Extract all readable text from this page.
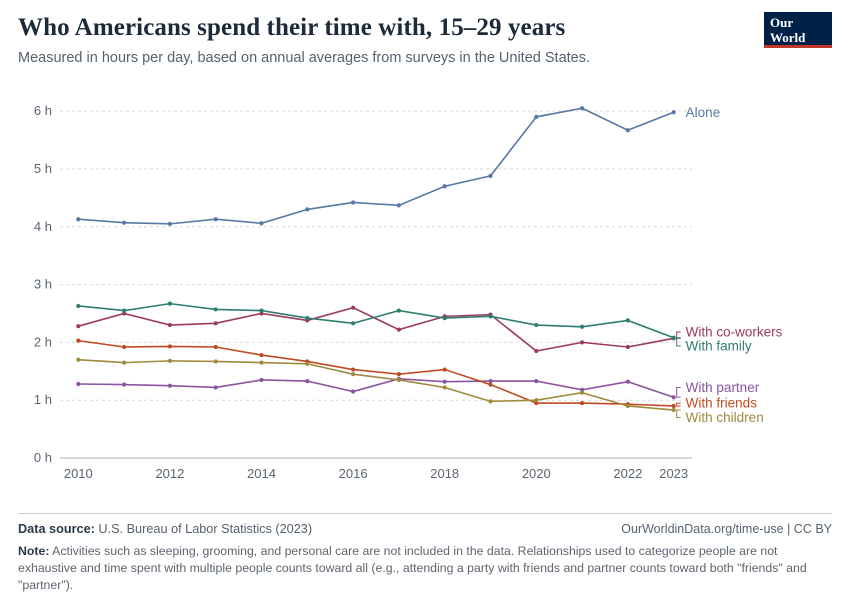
Who Americans spend their time with, 15–29 years

Measured in hours per day, based on annual averages from surveys in the United States.

Our World
in Data
0 h
1 h
2 h
3 h
4 h
5 h
6 h
2010	2012	2014	2016	2018	2020	2022 2023
Alone
With co-workers
With family
With partner
With friends
With children
Data source: U.S. Bureau of Labor Statistics (2023)	OurWorldinData.org/time-use | CC BY
Note: Activities such as sleeping, grooming, and personal care are not included in the data. Relationships used to categorize people are not exhaustive and time spent with multiple people counts toward all (e.g., attending a party with friends and partner counts toward both "friends" and "partner").
